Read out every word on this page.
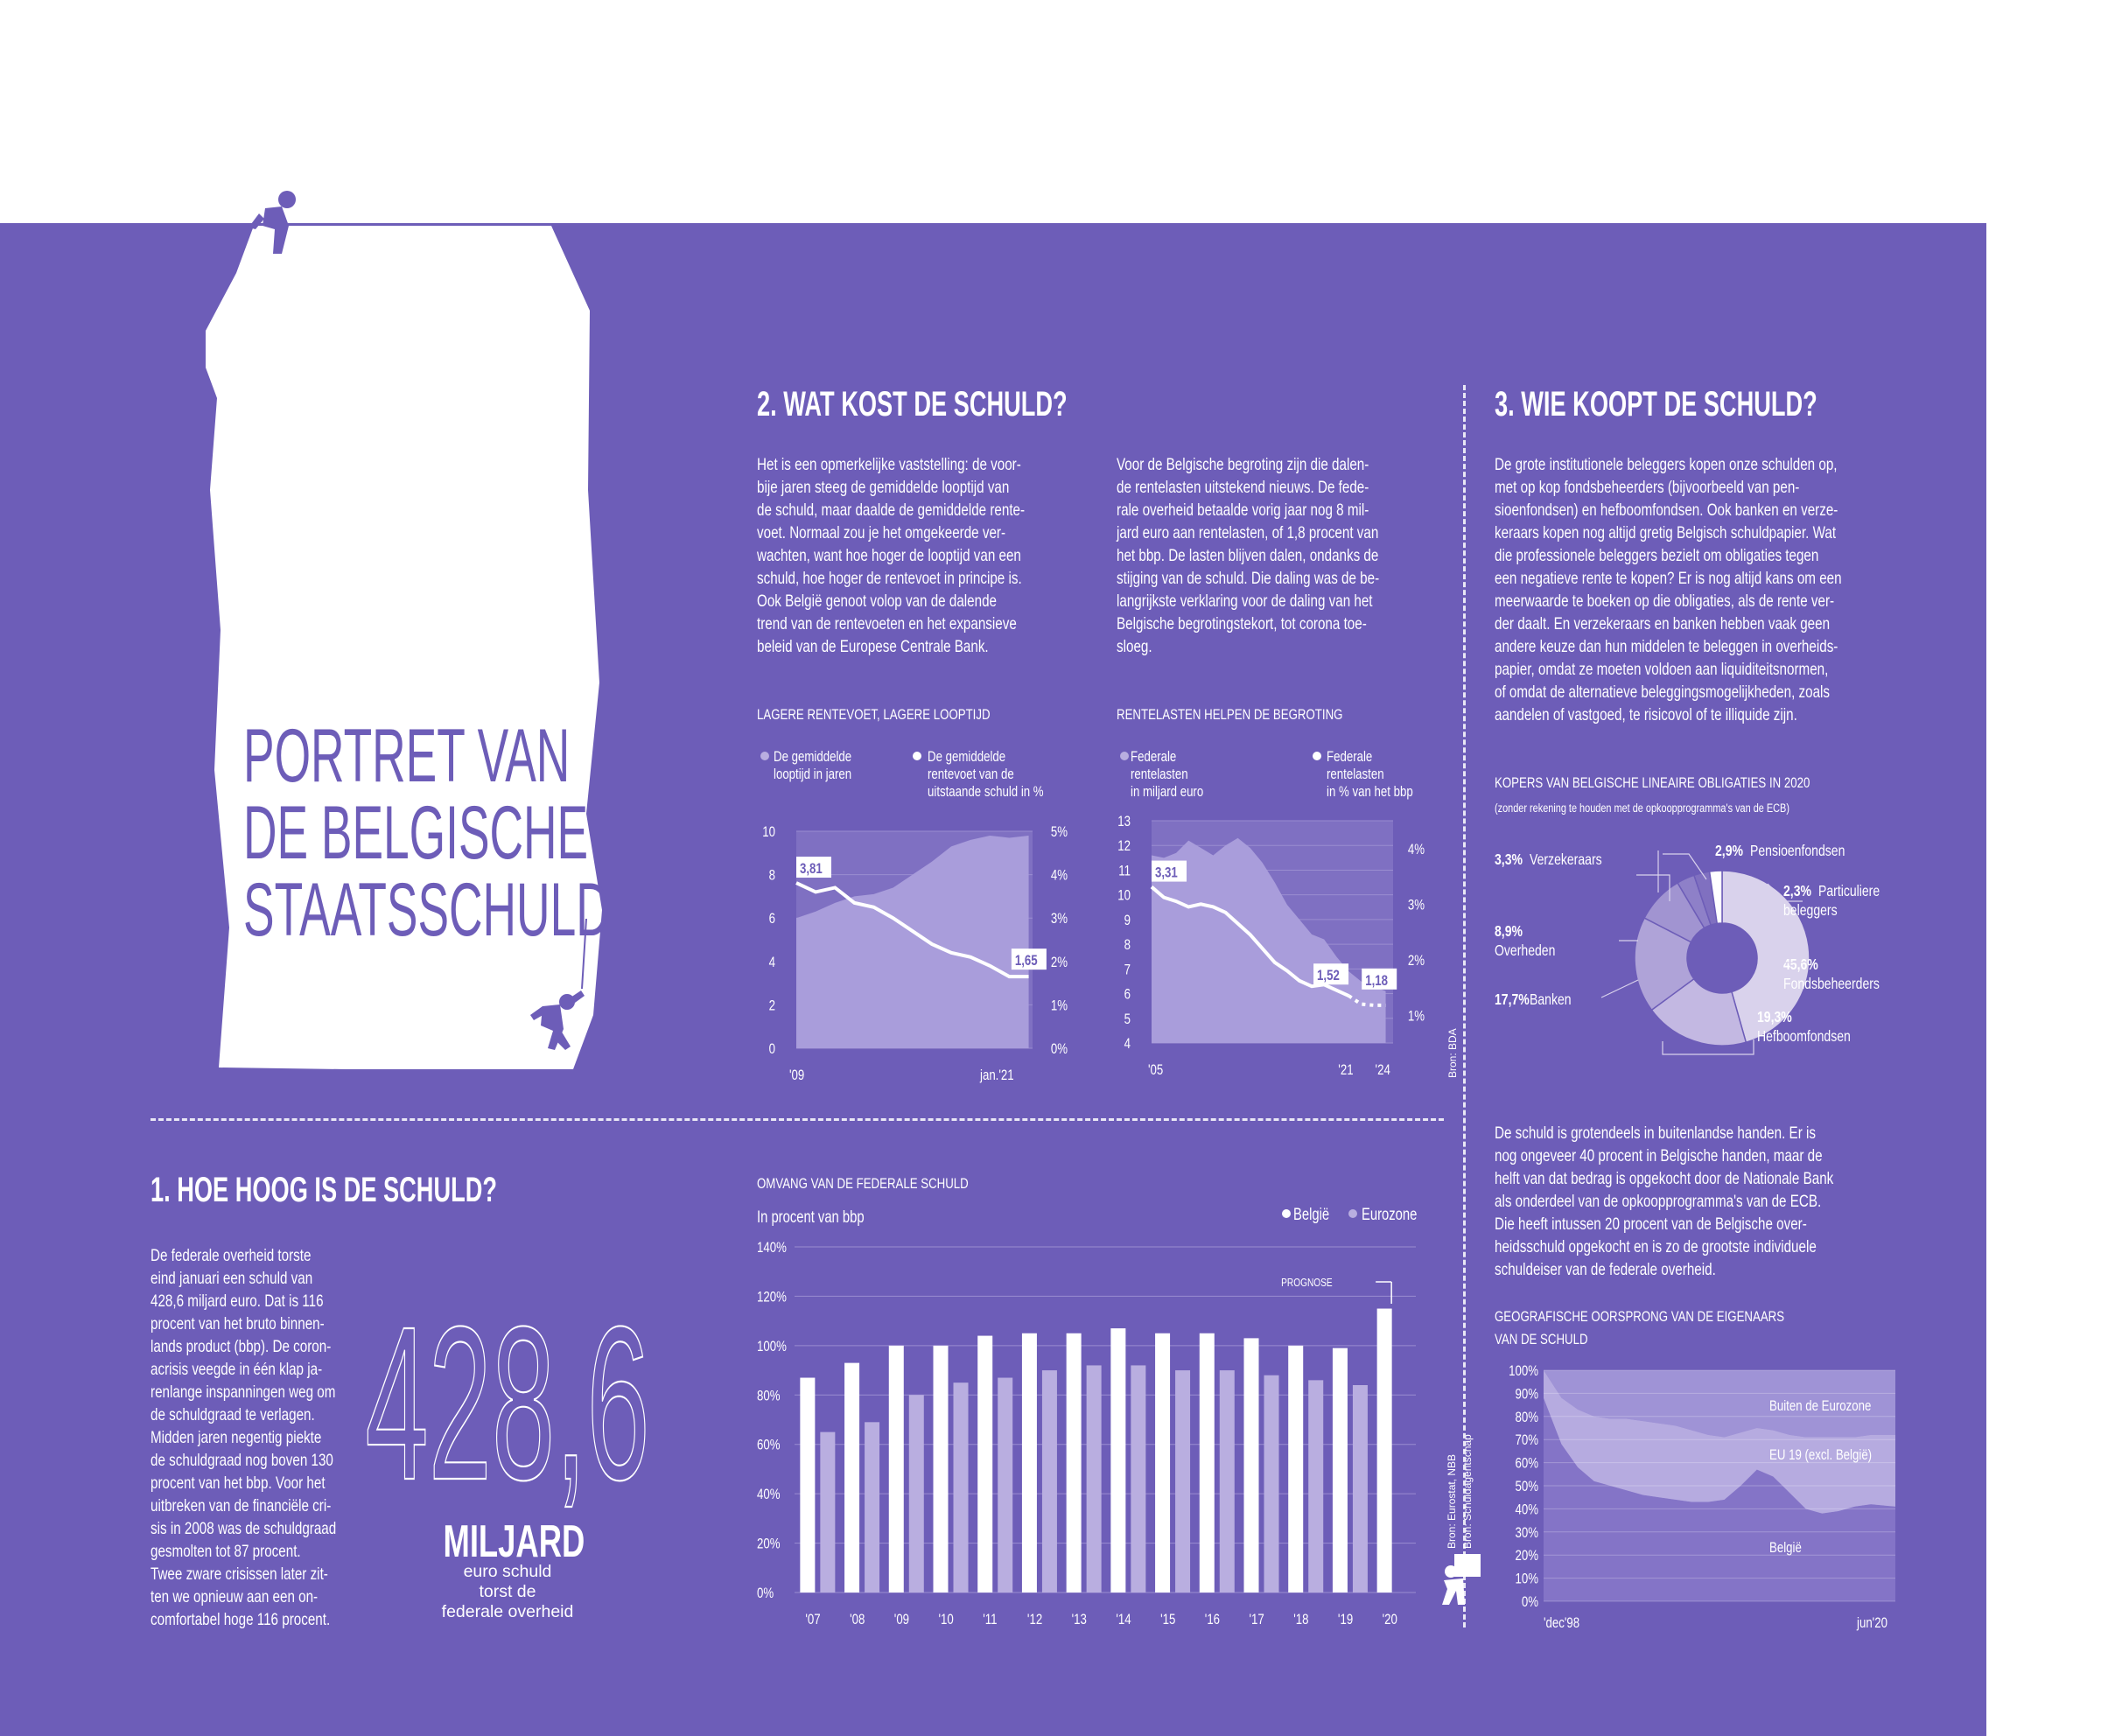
PORTRET VAN
DE BELGISCHE
STAATSSCHULD
2. WAT KOST DE SCHULD?
Het is een opmerkelijke vaststelling: de voor-
bije jaren steeg de gemiddelde looptijd van
de schuld, maar daalde de gemiddelde rente-
voet. Normaal zou je het omgekeerde ver-
wachten, want hoe hoger de looptijd van een
schuld, hoe hoger de rentevoet in principe is.
Ook België genoot volop van de dalende
trend van de rentevoeten en het expansieve
beleid van de Europese Centrale Bank.
Voor de Belgische begroting zijn die dalen-
de rentelasten uitstekend nieuws. De fede-
rale overheid betaalde vorig jaar nog 8 mil-
jard euro aan rentelasten, of 1,8 procent van
het bbp. De lasten blijven dalen, ondanks de
stijging van de schuld. Die daling was de be-
langrijkste verklaring voor de daling van het
Belgische begrotingstekort, tot corona toe-
sloeg.
3. WIE KOOPT DE SCHULD?
De grote institutionele beleggers kopen onze schulden op,
met op kop fondsbeheerders (bijvoorbeeld van pen-
sioenfondsen) en hefboomfondsen. Ook banken en verze-
keraars kopen nog altijd gretig Belgisch schuldpapier. Wat
die professionele beleggers bezielt om obligaties tegen
een negatieve rente te kopen? Er is nog altijd kans om een
meerwaarde te boeken op die obligaties, als de rente ver-
der daalt. En verzekeraars en banken hebben vaak geen
andere keuze dan hun middelen te beleggen in overheids-
papier, omdat ze moeten voldoen aan liquiditeitsnormen,
of omdat de alternatieve beleggingsmogelijkheden, zoals
aandelen of vastgoed, te risicovol of te illiquide zijn.
De schuld is grotendeels in buitenlandse handen. Er is
nog ongeveer 40 procent in Belgische handen, maar de
helft van dat bedrag is opgekocht door de Nationale Bank
als onderdeel van de opkoopprogramma's van de ECB.
Die heeft intussen 20 procent van de Belgische over-
heidsschuld opgekocht en is zo de grootste individuele
schuldeiser van de federale overheid.
1. HOE HOOG IS DE SCHULD?
De federale overheid torste
eind januari een schuld van
428,6 miljard euro. Dat is 116
procent van het bruto binnen-
lands product (bbp). De coron-
acrisis veegde in één klap ja-
renlange inspanningen weg om
de schuldgraad te verlagen.
Midden jaren negentig piekte
de schuldgraad nog boven 130
procent van het bbp. Voor het
uitbreken van de financiële cri-
sis in 2008 was de schuldgraad
gesmolten tot 87 procent.
Twee zware crisissen later zit-
ten we opnieuw aan een on-
comfortabel hoge 116 procent.
428,6
MILJARD
euro schuld
torst de
federale overheid
LAGERE RENTEVOET, LAGERE LOOPTIJD
De gemiddelde
looptijd in jaren
De gemiddelde
rentevoet van de
uitstaande schuld in %
10
8
6
4
2
0
5%
4%
3%
2%
1%
0%
3,81
1,65
'09	jan.'21
RENTELASTEN HELPEN DE BEGROTING
Federale
rentelasten
in miljard euro
Federale
rentelasten
in % van het bbp
13
12
11
10
9
8
7
6
5
4
4%
3%
2%
1%
3,31
1,52 1,18
'05	'21 '24	Bron: BDA
OMVANG VAN DE FEDERALE SCHULD
In procent van bbp	België Eurozone
140%
120%
100%
80%
60%
40%
20%
0%
'07 '08 '09 '10 '11 '12 '13 '14 '15 '16 '17 '18 '19 '20
PROGNOSE
Bron: Eurostat, NBB Bron: Schuldagentschap
KOPERS VAN BELGISCHE LINEAIRE OBLIGATIES IN 2020
(zonder rekening te houden met de opkoopprogramma's van de ECB)
45,6%
Fondsbeheerders
19,3%
Hefboomfondsen
17,7% Banken
8,9%
Overheden
3,3% Verzekeraars	2,9% Pensioenfondsen
2,3% Particuliere
beleggers
GEOGRAFISCHE OORSPRONG VAN DE EIGENAARS
VAN DE SCHULD
100%
90%
80%
70%
60%
50%
40%
30%
20%
10%
0%
Buiten de Eurozone
EU 19 (excl. België)
België
'dec'98	jun'20
